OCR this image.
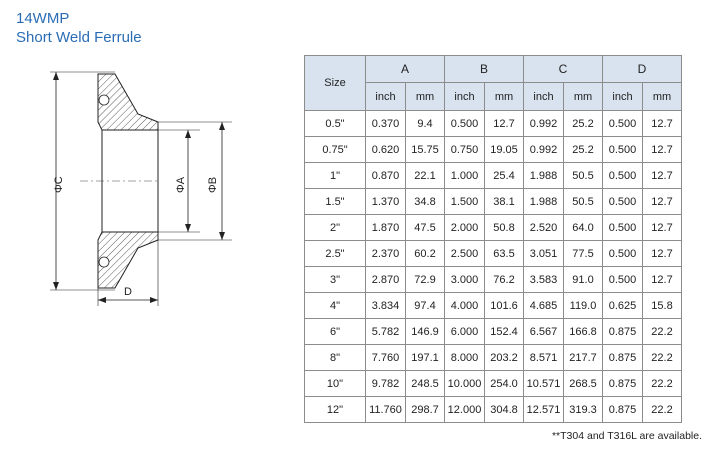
14WMP
Short Weld Ferrule
ΦC	ΦA ΦB
D
Size	A		B		C		D	
	inch	mm	inch	mm	inch	mm	inch	mm
0.5"	0.370	9.4	0.500	12.7	0.992	25.2	0.500	12.7
0.75"	0.620	15.75	0.750	19.05	0.992	25.2	0.500	12.7
1"	0.870	22.1	1.000	25.4	1.988	50.5	0.500	12.7
1.5"	1.370	34.8	1.500	38.1	1.988	50.5	0.500	12.7
2"	1.870	47.5	2.000	50.8	2.520	64.0	0.500	12.7
2.5"	2.370	60.2	2.500	63.5	3.051	77.5	0.500	12.7
3"	2.870	72.9	3.000	76.2	3.583	91.0	0.500	12.7
4"	3.834	97.4	4.000	101.6	4.685	119.0	0.625	15.8
6"	5.782	146.9	6.000	152.4	6.567	166.8	0.875	22.2
8"	7.760	197.1	8.000	203.2	8.571	217.7	0.875	22.2
10"	9.782	248.5	10.000	254.0	10.571	268.5	0.875	22.2
12"	11.760	298.7	12.000	304.8	12.571	319.3	0.875	22.2
**T304 and T316L are available.
